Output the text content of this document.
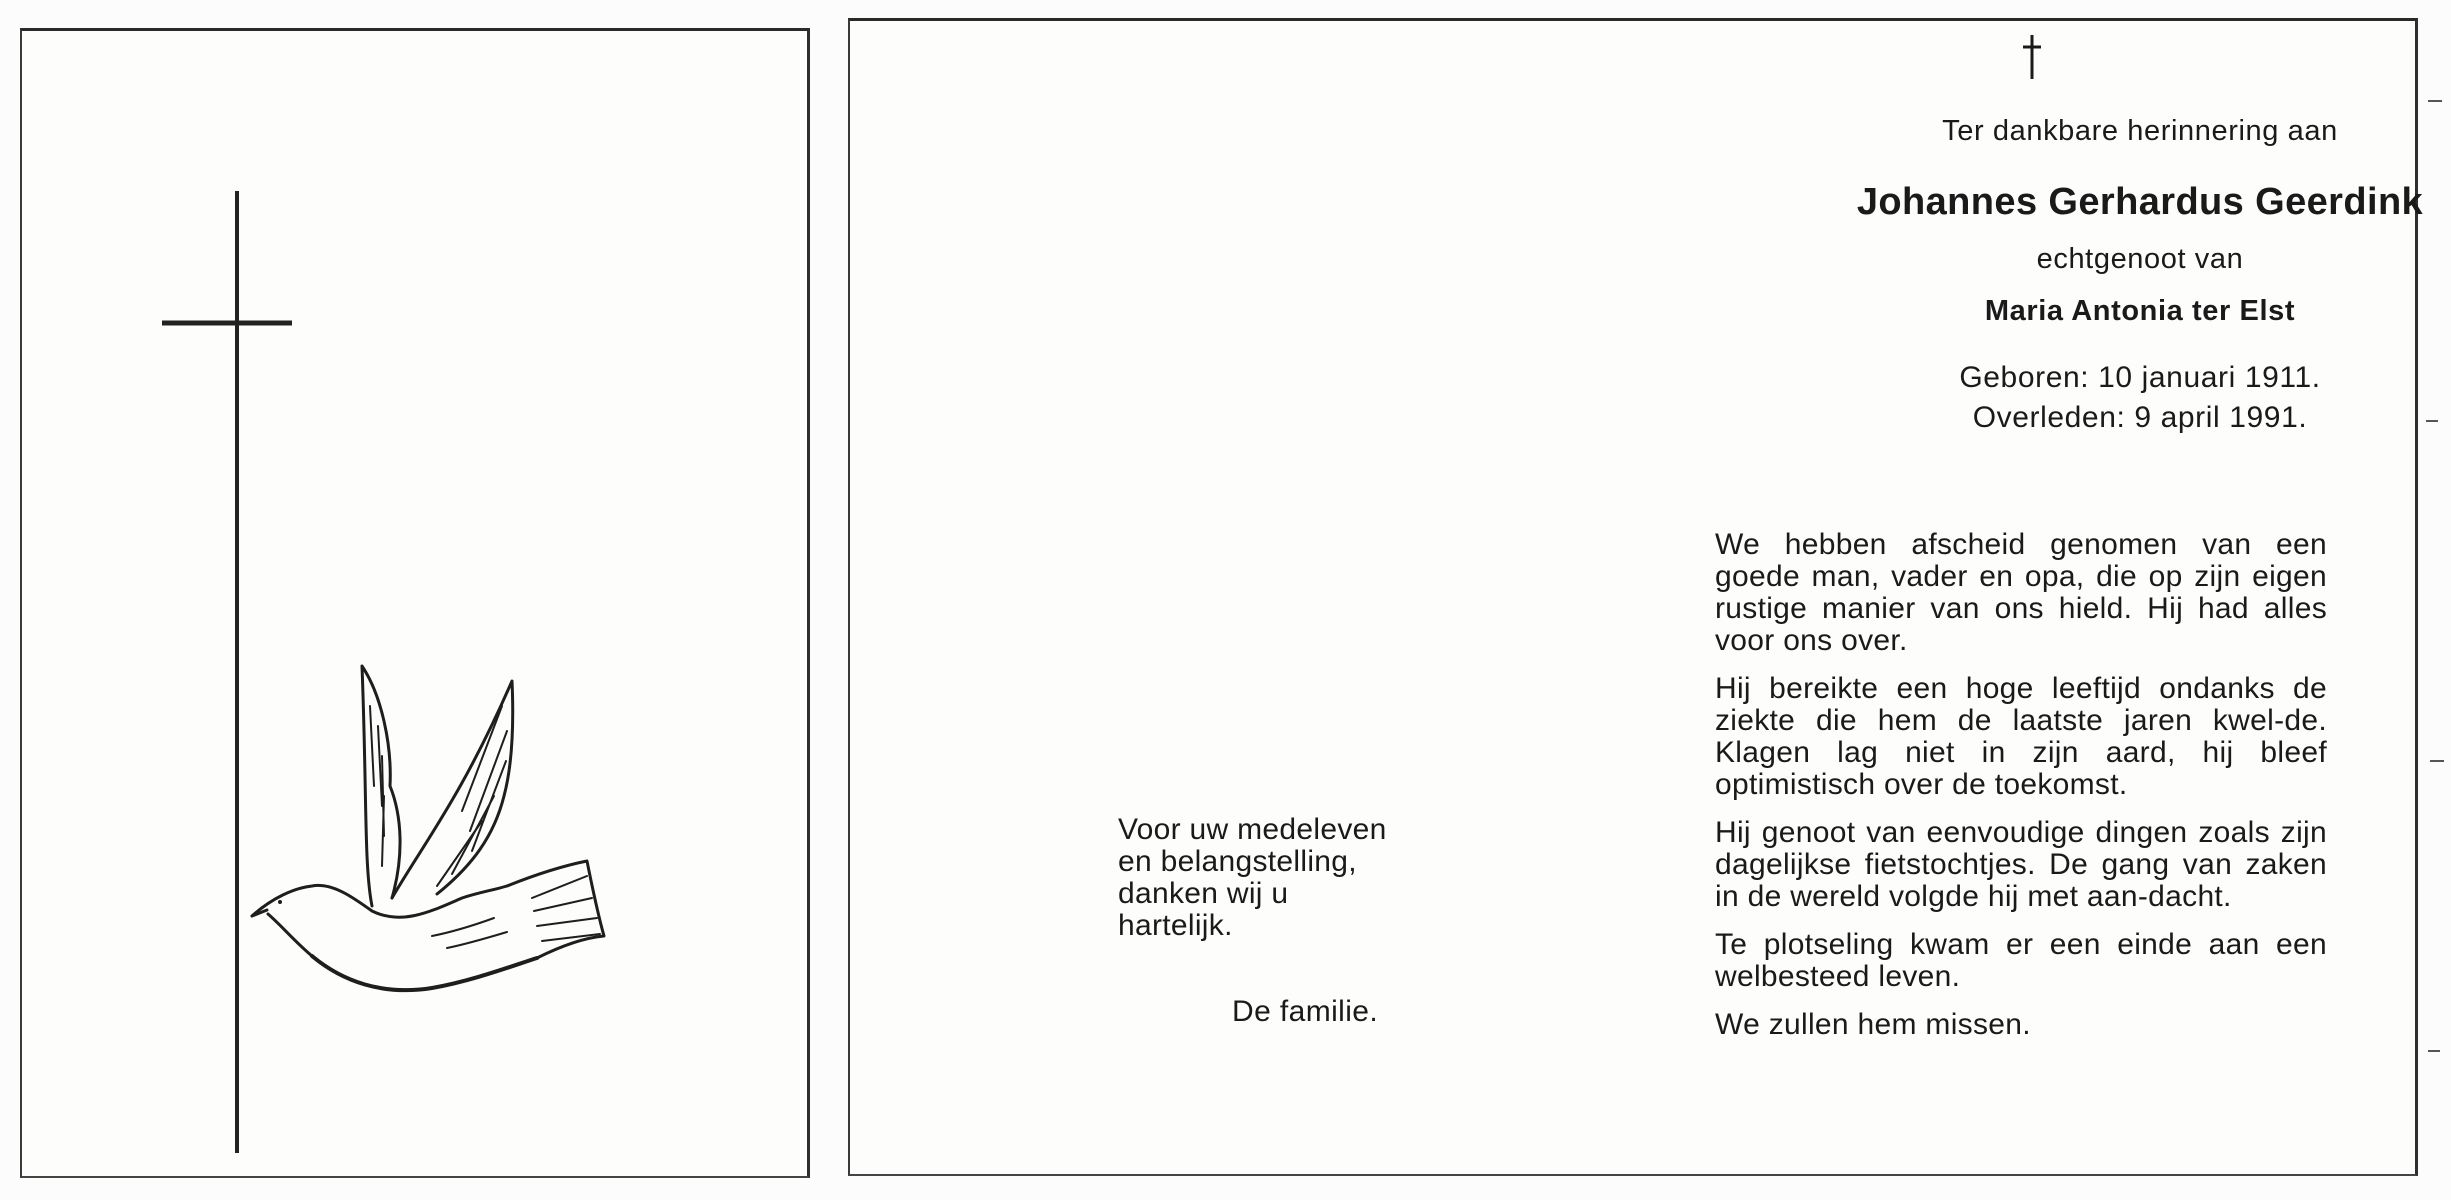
Ter dankbare herinnering aan
Johannes Gerhardus Geerdink
echtgenoot van
Maria Antonia ter Elst
Geboren: 10 januari 1911.
Overleden: 9 april 1991.

We hebben afscheid genomen van een goede man, vader en opa, die op zijn eigen rustige manier van ons hield. Hij had alles voor ons over.

Hij bereikte een hoge leeftijd ondanks de ziekte die hem de laatste jaren kwel-de. Klagen lag niet in zijn aard, hij bleef optimistisch over de toekomst.

Hij genoot van eenvoudige dingen zoals zijn dagelijkse fietstochtjes. De gang van zaken in de wereld volgde hij met aan-dacht.

Te plotseling kwam er een einde aan een welbesteed leven.

We zullen hem missen.

Voor uw medeleven
en belangstelling,
danken wij u
hartelijk.
De familie.
